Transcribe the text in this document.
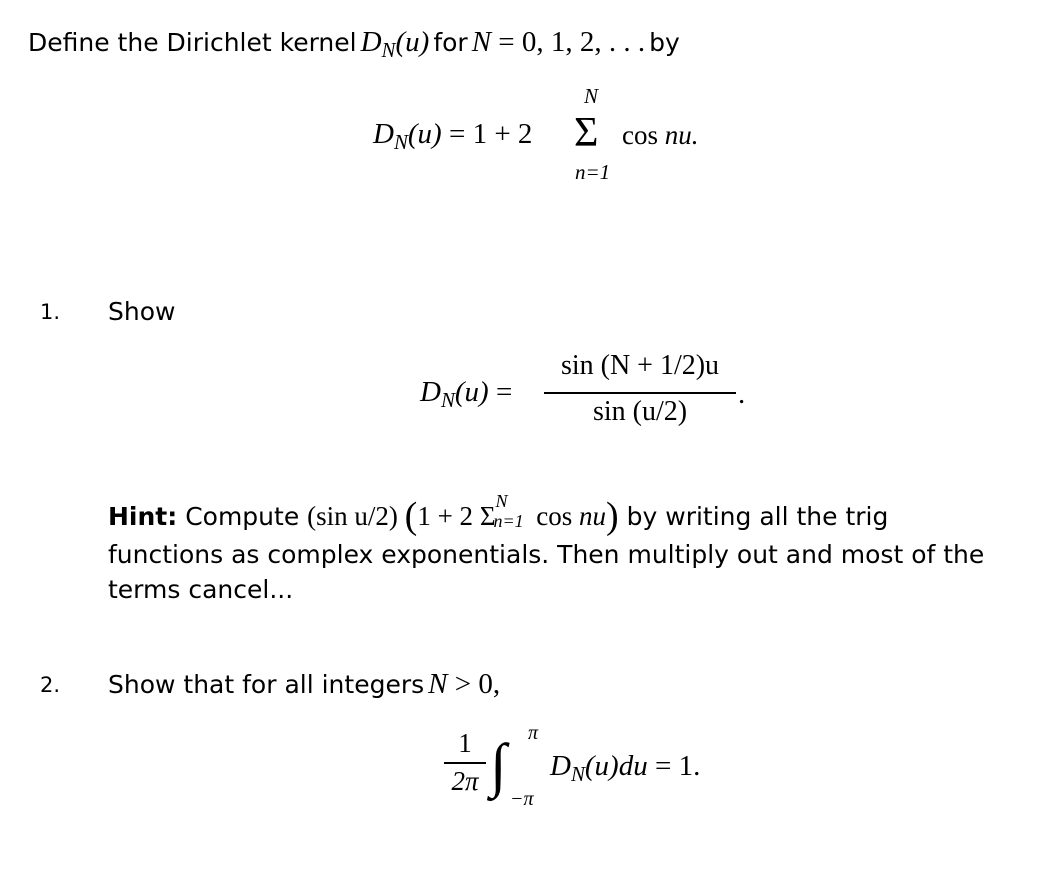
Define the Dirichlet kernel $D_N(u)$ for N = 0, 1, 2, . . . by
$D_N(u) = 1 + 2$
N
Σ
n=1
cos nu.
1. Show
$D_N(u)$ =
sin (N + 1/2)u
sin (u/2)
.
Hint: Compute (sin u/2) (1 + 2 Σ N
n=1 cos nu) by writing all the trig
functions as complex exponentials. Then multiply out and most of the
terms cancel...
2. Show that for all integers N > 0,
1
2π ∫ π
−π
$D_N(u)du = 1$.
